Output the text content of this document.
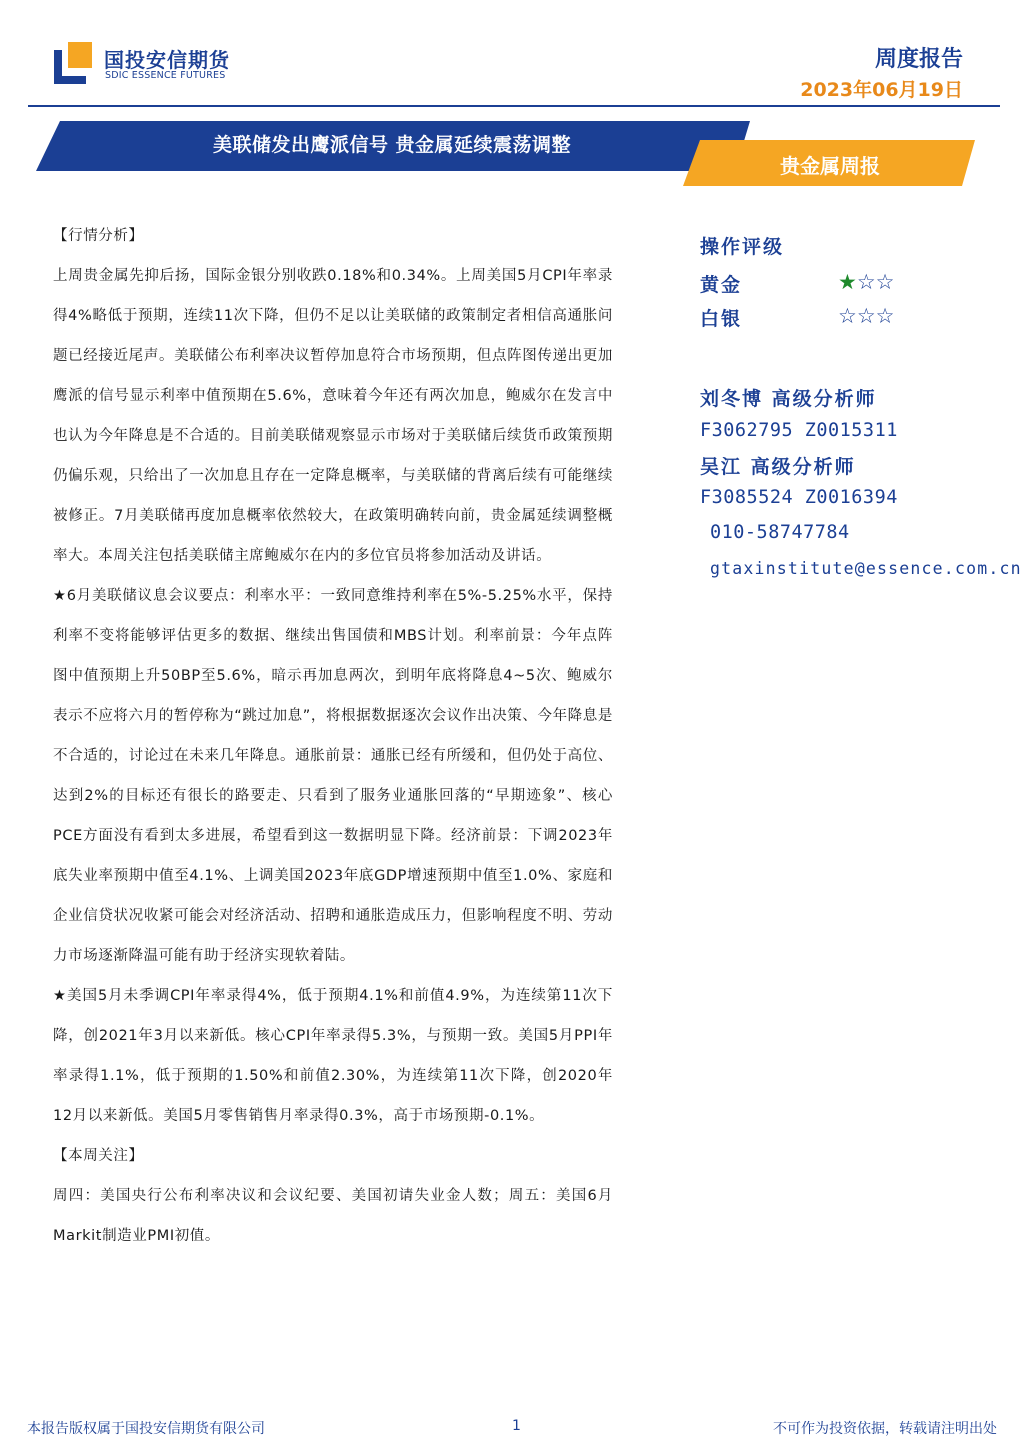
国投安信期货
SDIC ESSENCE FUTURES
周度报告
2023年06月19日
美联储发出鹰派信号 贵金属延续震荡调整
贵金属周报
【行情分析】

上周贵金属先抑后扬，国际金银分别收跌0.18%和0.34%。上周美国5月CPI年率录得4%略低于预期，连续11次下降，但仍不足以让美联储的政策制定者相信高通胀问题已经接近尾声。美联储公布利率决议暂停加息符合市场预期，但点阵图传递出更加鹰派的信号显示利率中值预期在5.6%，意味着今年还有两次加息，鲍威尔在发言中也认为今年降息是不合适的。目前美联储观察显示市场对于美联储后续货币政策预期仍偏乐观，只给出了一次加息且存在一定降息概率，与美联储的背离后续有可能继续被修正。7月美联储再度加息概率依然较大，在政策明确转向前，贵金属延续调整概率大。本周关注包括美联储主席鲍威尔在内的多位官员将参加活动及讲话。

★6月美联储议息会议要点：利率水平：一致同意维持利率在5%-5.25%水平，保持利率不变将能够评估更多的数据、继续出售国债和MBS计划。利率前景：今年点阵图中值预期上升50BP至5.6%，暗示再加息两次，到明年底将降息4~5次、鲍威尔表示不应将六月的暂停称为“跳过加息”，将根据数据逐次会议作出决策、今年降息是不合适的，讨论过在未来几年降息。通胀前景：通胀已经有所缓和，但仍处于高位、达到2%的目标还有很长的路要走、只看到了服务业通胀回落的“早期迹象”、核心PCE方面没有看到太多进展，希望看到这一数据明显下降。经济前景：下调2023年底失业率预期中值至4.1%、上调美国2023年底GDP增速预期中值至1.0%、家庭和企业信贷状况收紧可能会对经济活动、招聘和通胀造成压力，但影响程度不明、劳动力市场逐渐降温可能有助于经济实现软着陆。

★美国5月未季调CPI年率录得4%，低于预期4.1%和前值4.9%，为连续第11次下降，创2021年3月以来新低。核心CPI年率录得5.3%，与预期一致。美国5月PPI年率录得1.1%，低于预期的1.50%和前值2.30%，为连续第11次下降，创2020年12月以来新低。美国5月零售销售月率录得0.3%，高于市场预期-0.1%。

【本周关注】

周四：美国央行公布利率决议和会议纪要、美国初请失业金人数；周五：美国6月Markit制造业PMI初值。

操作评级
黄金	★☆☆
白银	☆☆☆
刘冬博 高级分析师
F3062795 Z0015311
吴江 高级分析师
F3085524 Z0016394
010-58747784
gtaxinstitute@essence.com.cn
本报告版权属于国投安信期货有限公司	1	不可作为投资依据，转载请注明出处
